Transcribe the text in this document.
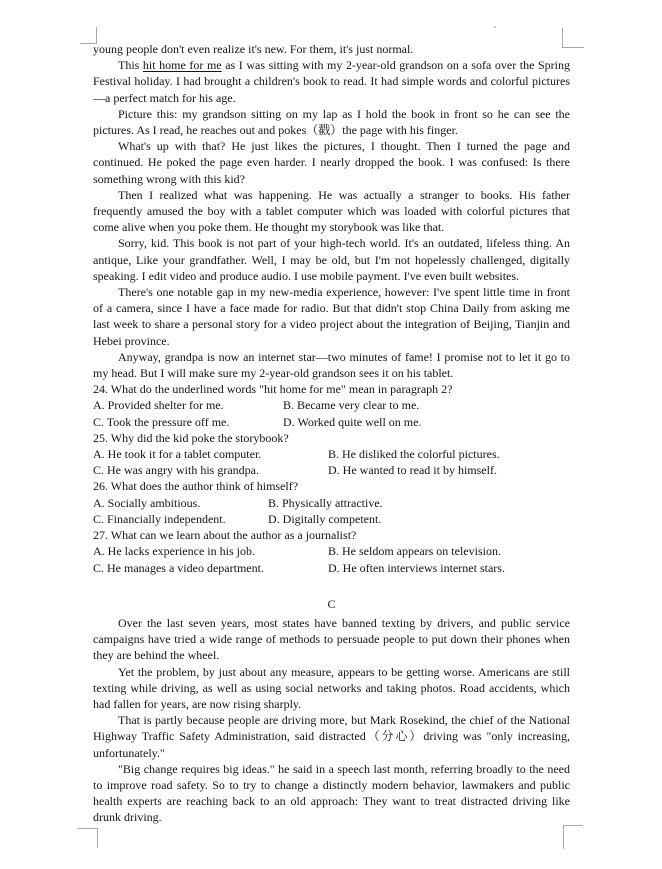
young people don't even realize it's new. For them, it's just normal.

This hit home for me as I was sitting with my 2-year-old grandson on a sofa over the Spring Festival holiday. I had brought a children's book to read. It had simple words and colorful pictures—a perfect match for his age.

Picture this: my grandson sitting on my lap as I hold the book in front so he can see the pictures. As I read, he reaches out and pokes（戳）the page with his finger.

What's up with that? He just likes the pictures, I thought. Then I turned the page and continued. He poked the page even harder. I nearly dropped the book. I was confused: Is there something wrong with this kid?

Then I realized what was happening. He was actually a stranger to books. His father frequently amused the boy with a tablet computer which was loaded with colorful pictures that come alive when you poke them. He thought my storybook was like that.

Sorry, kid. This book is not part of your high-tech world. It's an outdated, lifeless thing. An antique, Like your grandfather. Well, I may be old, but I'm not hopelessly challenged, digitally speaking. I edit video and produce audio. I use mobile payment. I've even built websites.

There's one notable gap in my new-media experience, however: I've spent little time in front of a camera, since I have a face made for radio. But that didn't stop China Daily from asking me last week to share a personal story for a video project about the integration of Beijing, Tianjin and Hebei province.

Anyway, grandpa is now an internet star—two minutes of fame! I promise not to let it go to my head. But I will make sure my 2-year-old grandson sees it on his tablet.

24. What do the underlined words "hit home for me" mean in paragraph 2?
A. Provided shelter for me.	B. Became very clear to me.
C. Took the pressure off me.	D. Worked quite well on me.
25. Why did the kid poke the storybook?
A. He took it for a tablet computer.	B. He disliked the colorful pictures.
C. He was angry with his grandpa.	D. He wanted to read it by himself.
26. What does the author think of himself?
A. Socially ambitious.	B. Physically attractive.
C. Financially independent.	D. Digitally competent.
27. What can we learn about the author as a journalist?
A. He lacks experience in his job.	B. He seldom appears on television.
C. He manages a video department.	D. He often interviews internet stars.
C

Over the last seven years, most states have banned texting by drivers, and public service campaigns have tried a wide range of methods to persuade people to put down their phones when they are behind the wheel.

Yet the problem, by just about any measure, appears to be getting worse. Americans are still texting while driving, as well as using social networks and taking photos. Road accidents, which had fallen for years, are now rising sharply.

That is partly because people are driving more, but Mark Rosekind, the chief of the National Highway Traffic Safety Administration, said distracted（分心）driving was "only increasing, unfortunately."

"Big change requires big ideas." he said in a speech last month, referring broadly to the need to improve road safety. So to try to change a distinctly modern behavior, lawmakers and public health experts are reaching back to an old approach: They want to treat distracted driving like drunk driving.
